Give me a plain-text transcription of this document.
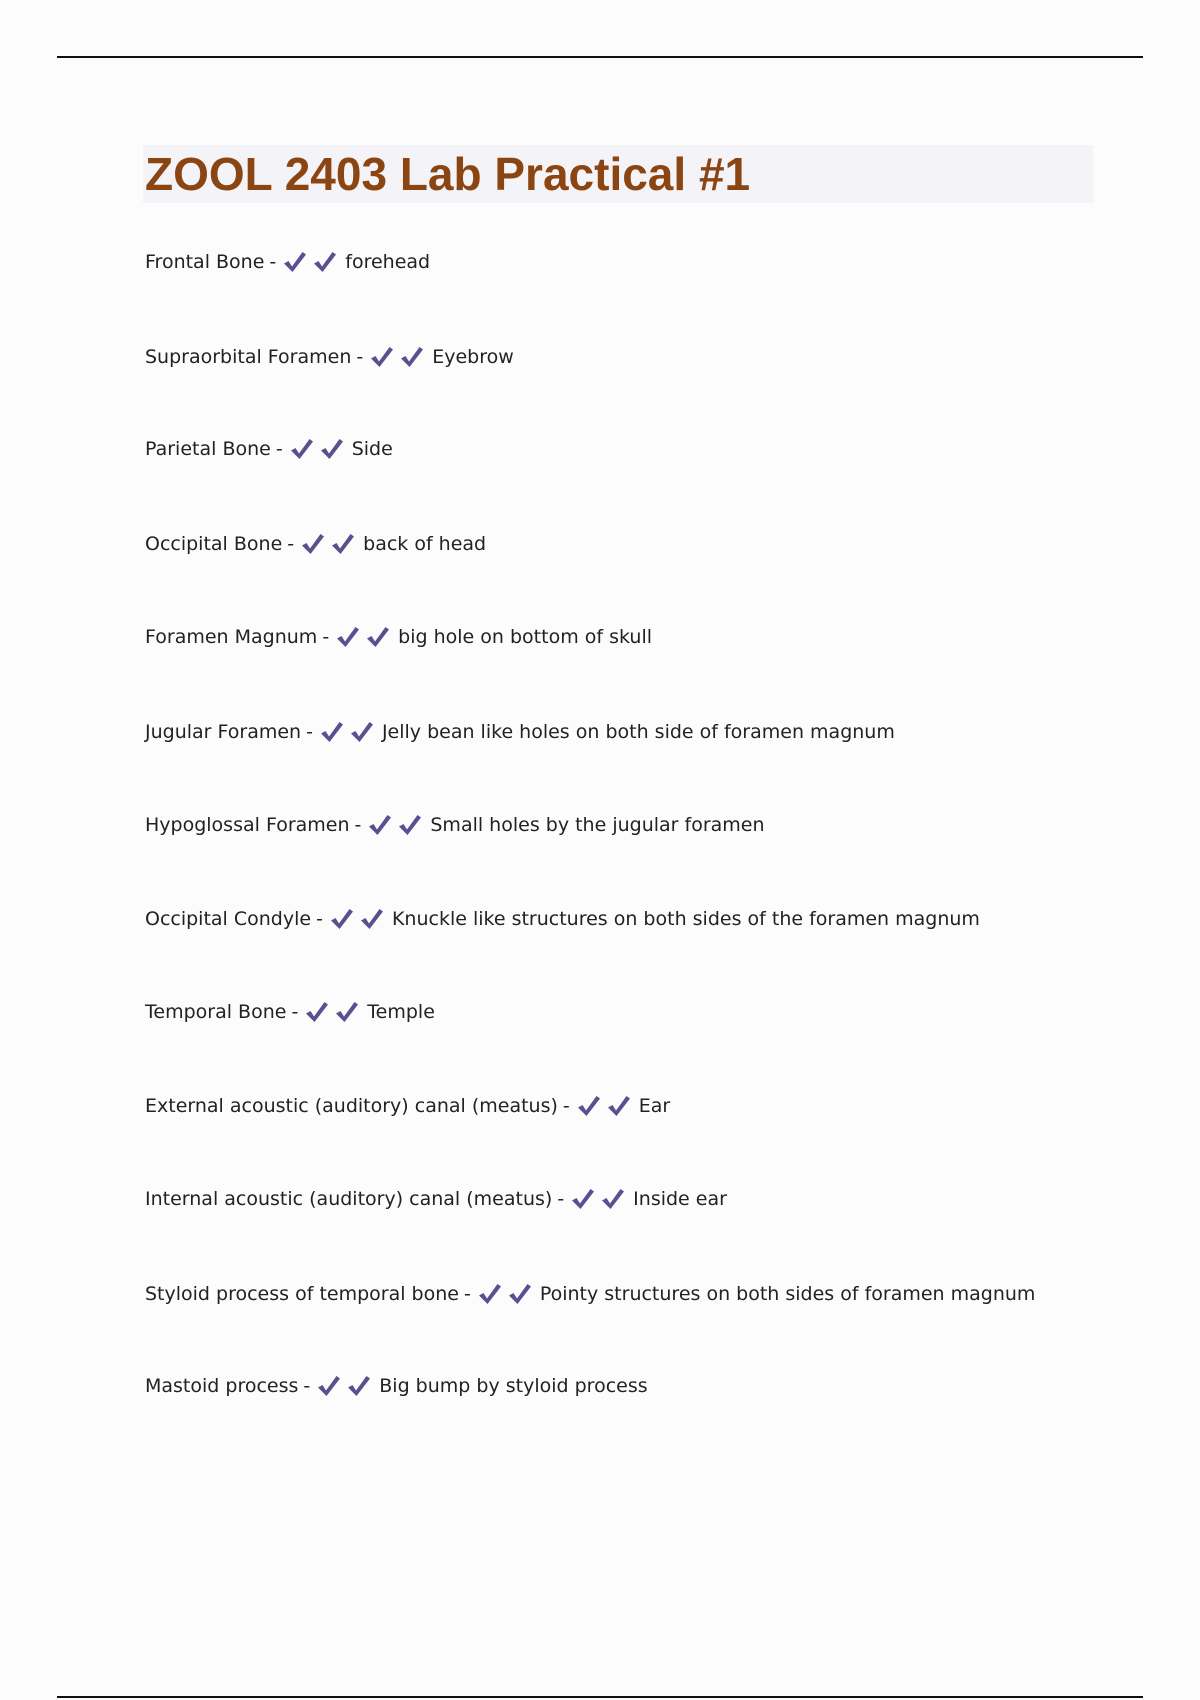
ZOOL 2403 Lab Practical #1
Frontal Bone -	forehead
Supraorbital Foramen -	Eyebrow
Parietal Bone -	Side
Occipital Bone -	back of head
Foramen Magnum -	big hole on bottom of skull
Jugular Foramen -	Jelly bean like holes on both side of foramen magnum
Hypoglossal Foramen -	Small holes by the jugular foramen
Occipital Condyle -	Knuckle like structures on both sides of the foramen magnum
Temporal Bone -	Temple
External acoustic (auditory) canal (meatus) -	Ear
Internal acoustic (auditory) canal (meatus) -	Inside ear
Styloid process of temporal bone -	Pointy structures on both sides of foramen magnum
Mastoid process -	Big bump by styloid process
